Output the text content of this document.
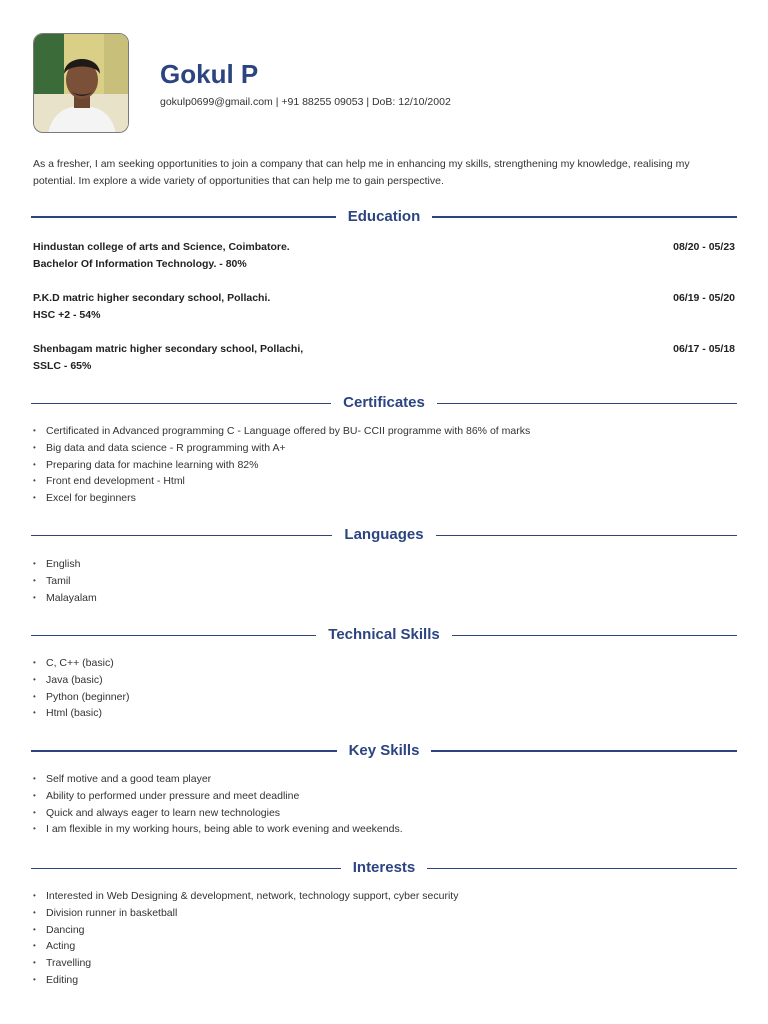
Gokul P
gokulp0699@gmail.com | +91 88255 09053 | DoB: 12/10/2002

As a fresher, I am seeking opportunities to join a company that can help me in enhancing my skills, strengthening my knowledge, realising my potential. Im explore a wide variety of opportunities that can help me to gain perspective.

Education
Hindustan college of arts and Science, Coimbatore.
Bachelor Of Information Technology. - 80%
08/20 - 05/23
P.K.D matric higher secondary school, Pollachi.
HSC +2 - 54%
06/19 - 05/20
Shenbagam matric higher secondary school, Pollachi,
SSLC - 65%
06/17 - 05/18
Certificates
• Certificated in Advanced programming C - Language offered by BU- CCII programme with 86% of marks
• Big data and data science - R programming with A+
• Preparing data for machine learning with 82%
• Front end development - Html
• Excel for beginners
Languages
• English
• Tamil
• Malayalam
Technical Skills
• C, C++ (basic)
• Java (basic)
• Python (beginner)
• Html (basic)
Key Skills
• Self motive and a good team player
• Ability to performed under pressure and meet deadline
• Quick and always eager to learn new technologies
• I am flexible in my working hours, being able to work evening and weekends.
Interests
• Interested in Web Designing & development, network, technology support, cyber security
• Division runner in basketball
• Dancing
• Acting
• Travelling
• Editing
